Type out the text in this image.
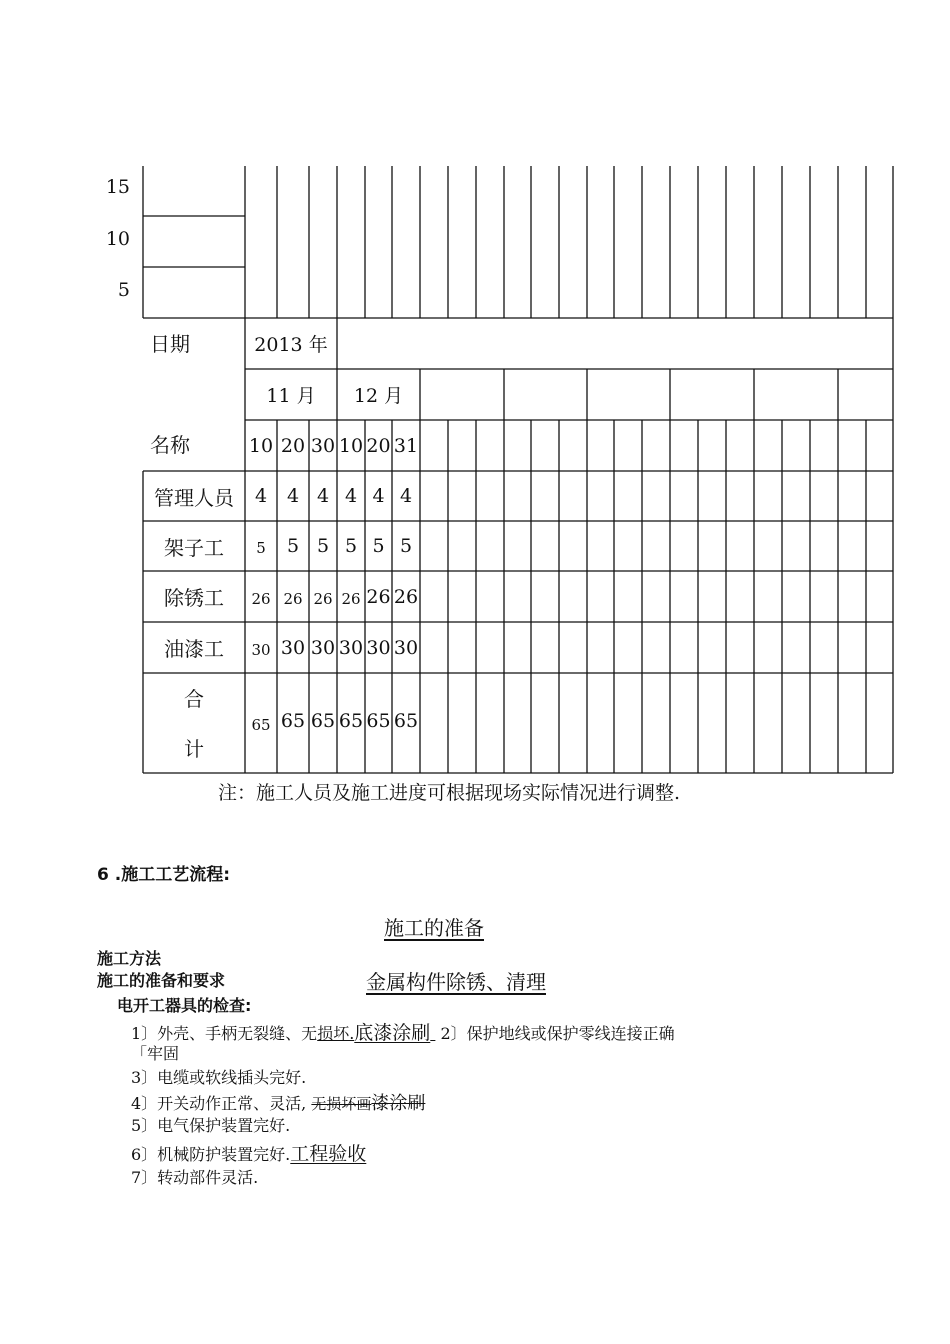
15
10
5
日期	2013 年
11 月	12 月
名称	10 20 30 10 20 31
管理人员	4	4 4 4 4 4
架子工	5	5 5 5 5 5
除锈工	26 26 26 26 26 26
油漆工	30 30 30 30 30 30
合
计
65 65 65 65 65 65
注：施工人员及施工进度可根据现场实际情况进行调整.
6 .施工工艺流程:
施工的准备
施工方法
施工的准备和要求	金属构件除锈、清理
电开工器具的检查:
1〕外壳、手柄无裂缝、无损坏.底漆涂刷 2〕保护地线或保护零线连接正确
「牢固
3〕电缆或软线插头完好.
4〕开关动作正常、灵活, 无损坏画漆涂刷
5〕电气保护装置完好.
6〕机械防护装置完好.工程验收
7〕转动部件灵活.
